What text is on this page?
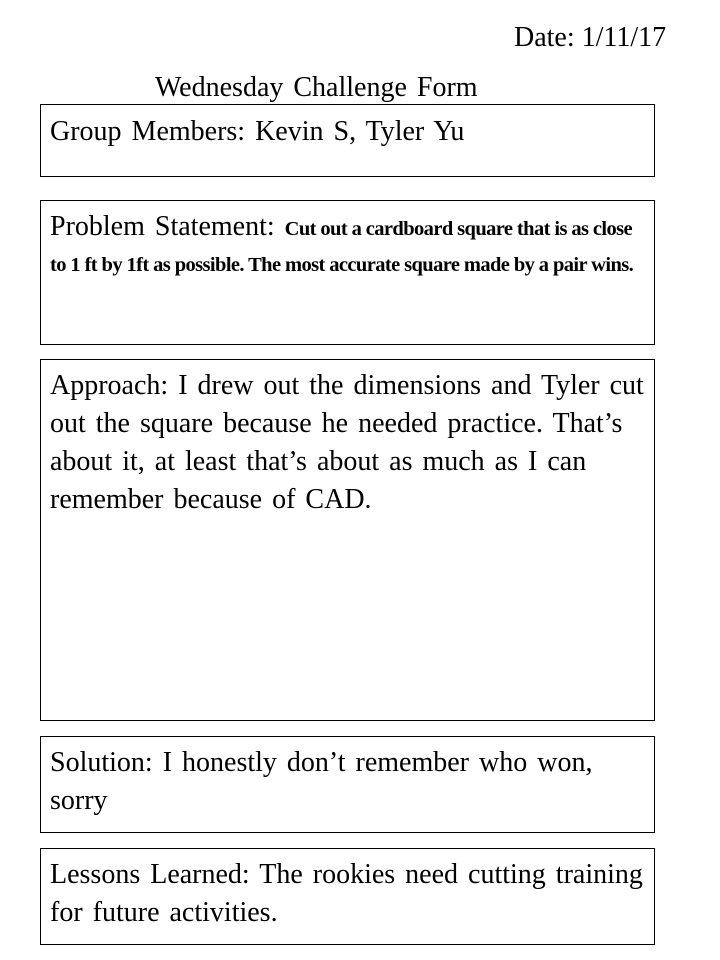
Date: 1/11/17
Wednesday Challenge Form
Group Members: Kevin S, Tyler Yu
Problem Statement: Cut out a cardboard square that is as close to 1 ft by 1ft as possible. The most accurate square made by a pair wins.
Approach: I drew out the dimensions and Tyler cut out the square because he needed practice. That’s about it, at least that’s about as much as I can remember because of CAD.
Solution: I honestly don’t remember who won, sorry
Lessons Learned: The rookies need cutting training for future activities.
